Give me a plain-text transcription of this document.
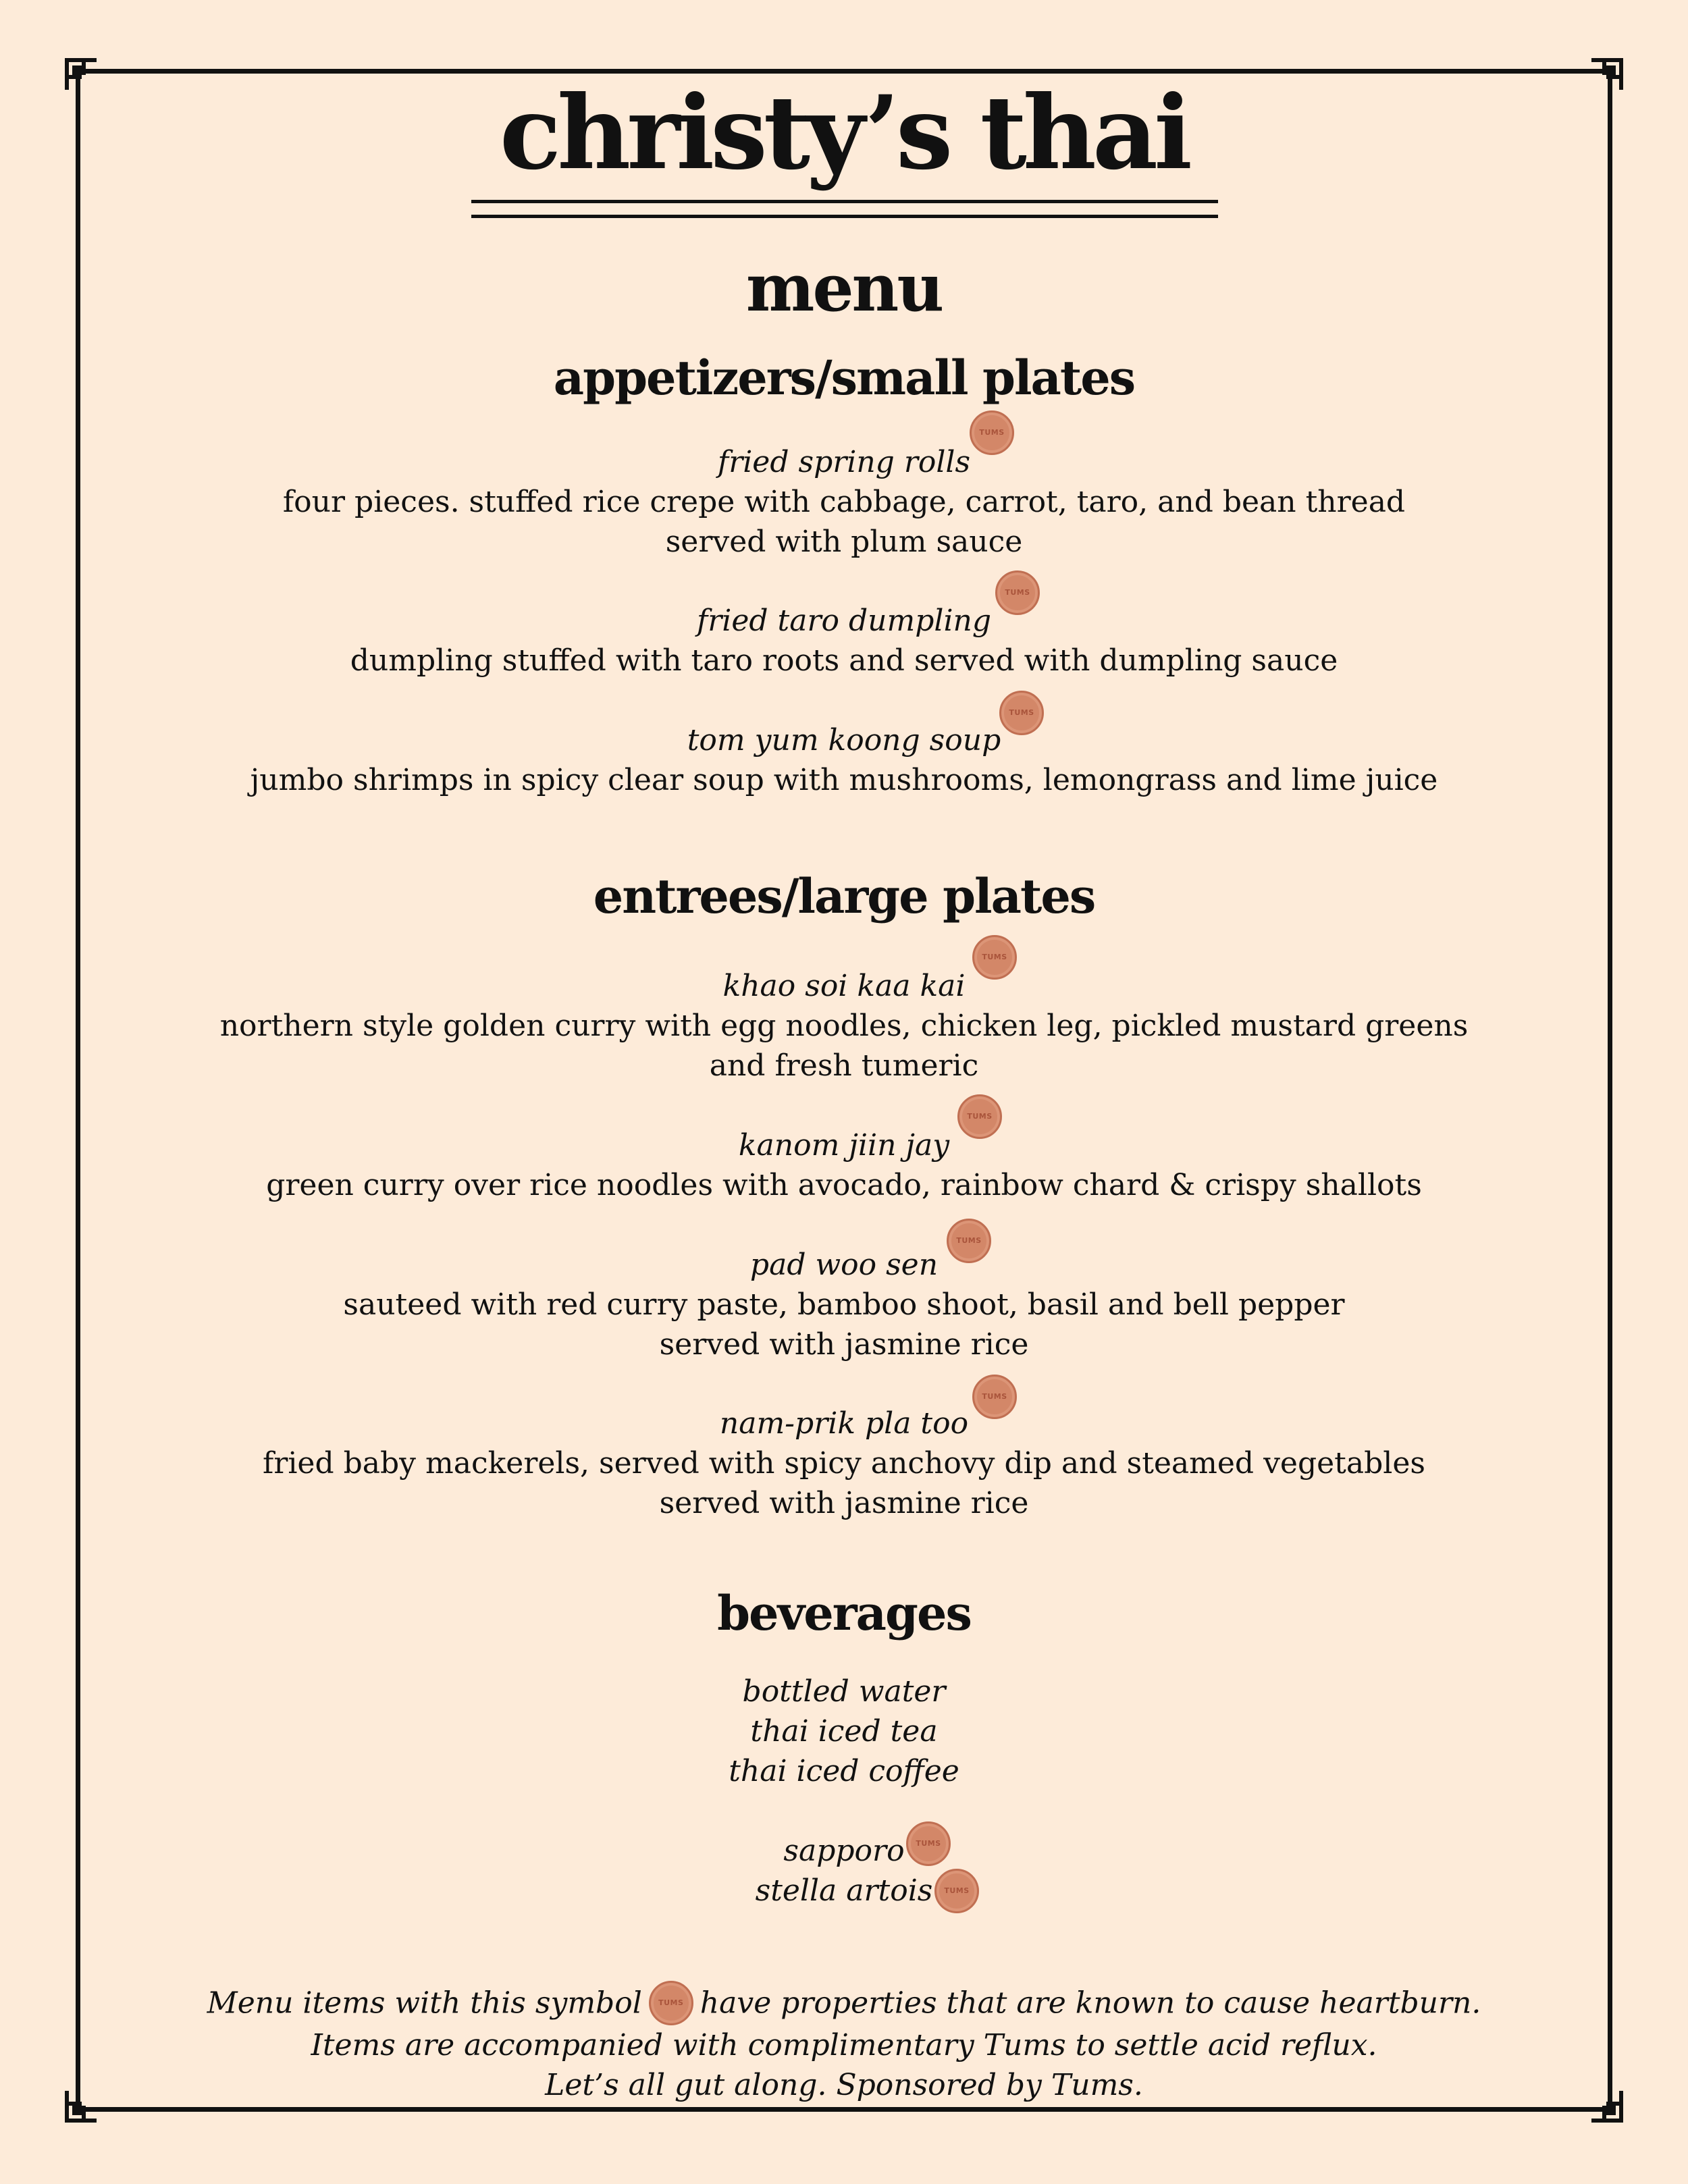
christy’s thai
menu
appetizers/small plates
TUMS

fried spring rolls

four pieces. stuffed rice crepe with cabbage, carrot, taro, and bean thread

served with plum sauce

TUMS

fried taro dumpling

dumpling stuffed with taro roots and served with dumpling sauce

TUMS

tom yum koong soup

jumbo shrimps in spicy clear soup with mushrooms, lemongrass and lime juice

entrees/large plates
TUMS

khao soi kaa kai

northern style golden curry with egg noodles, chicken leg, pickled mustard greens

and fresh tumeric

TUMS

kanom jiin jay

green curry over rice noodles with avocado, rainbow chard & crispy shallots

TUMS

pad woo sen

sauteed with red curry paste, bamboo shoot, basil and bell pepper

served with jasmine rice

TUMS

nam-prik pla too

fried baby mackerels, served with spicy anchovy dip and steamed vegetables

served with jasmine rice

beverages

bottled water

thai iced tea

thai iced coffee

sapporo	TUMS

stella artois	TUMS
Menu items with this symbol	TUMS have properties that are known to cause heartburn.

Items are accompanied with complimentary Tums to settle acid reflux.

Let’s all gut along. Sponsored by Tums.
